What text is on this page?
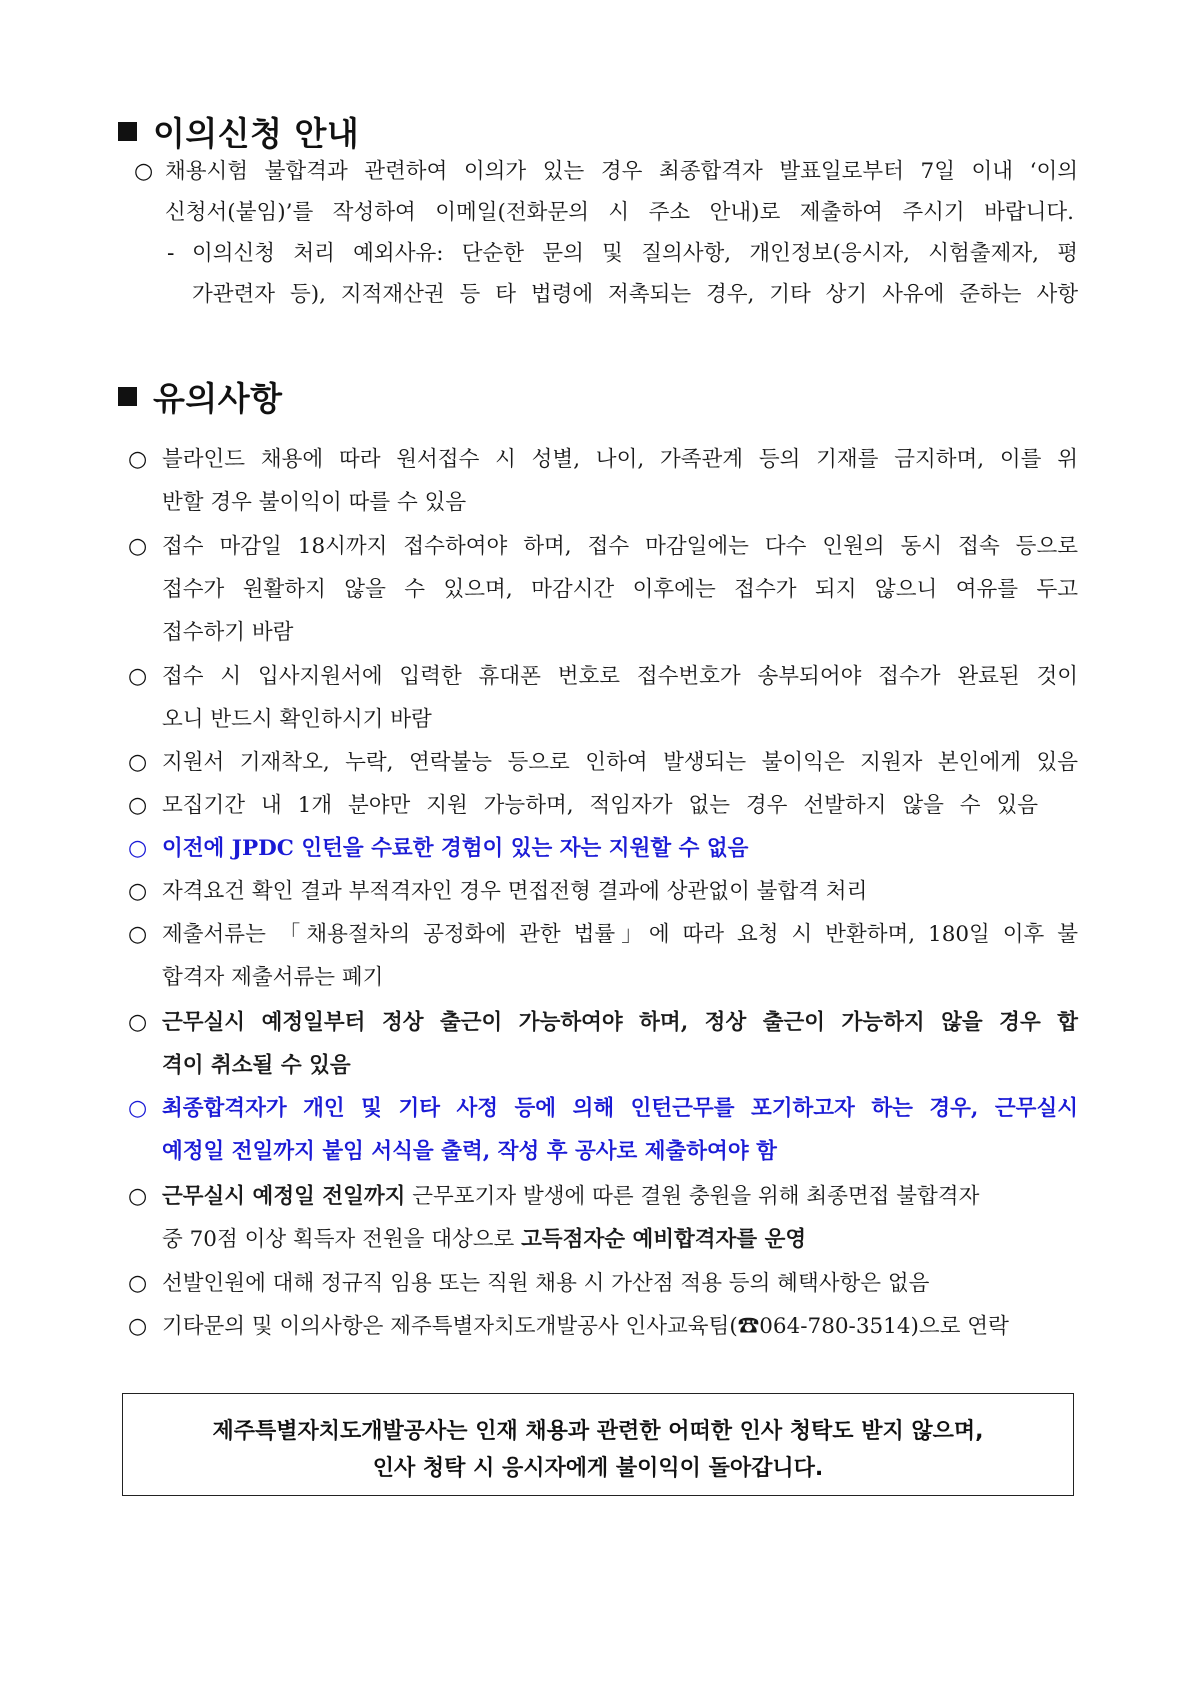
이의신청 안내
○ 채용시험 불합격과 관련하여 이의가 있는 경우 최종합격자 발표일로부터 7일 이내 ‘이의
신청서(붙임)’를 작성하여 이메일(전화문의 시 주소 안내)로 제출하여 주시기 바랍니다.
- 이의신청 처리 예외사유: 단순한 문의 및 질의사항, 개인정보(응시자, 시험출제자, 평
가관련자 등), 지적재산권 등 타 법령에 저촉되는 경우, 기타 상기 사유에 준하는 사항
유의사항
○ 블라인드 채용에 따라 원서접수 시 성별, 나이, 가족관계 등의 기재를 금지하며, 이를 위
반할 경우 불이익이 따를 수 있음
○ 접수 마감일 18시까지 접수하여야 하며, 접수 마감일에는 다수 인원의 동시 접속 등으로
접수가 원활하지 않을 수 있으며, 마감시간 이후에는 접수가 되지 않으니 여유를 두고
접수하기 바람
○ 접수 시 입사지원서에 입력한 휴대폰 번호로 접수번호가 송부되어야 접수가 완료된 것이
오니 반드시 확인하시기 바람
○ 지원서 기재착오, 누락, 연락불능 등으로 인하여 발생되는 불이익은 지원자 본인에게 있음
○ 모집기간 내 1개 분야만 지원 가능하며, 적임자가 없는 경우 선발하지 않을 수 있음
○ 이전에 JPDC 인턴을 수료한 경험이 있는 자는 지원할 수 없음
○ 자격요건 확인 결과 부적격자인 경우 면접전형 결과에 상관없이 불합격 처리
○ 제출서류는 「채용절차의 공정화에 관한 법률」에 따라 요청 시 반환하며, 180일 이후 불
합격자 제출서류는 폐기
○ 근무실시 예정일부터 정상 출근이 가능하여야 하며, 정상 출근이 가능하지 않을 경우 합
격이 취소될 수 있음
○ 최종합격자가 개인 및 기타 사정 등에 의해 인턴근무를 포기하고자 하는 경우, 근무실시
예정일 전일까지 붙임 서식을 출력, 작성 후 공사로 제출하여야 함
○ 근무실시 예정일 전일까지 근무포기자 발생에 따른 결원 충원을 위해 최종면접 불합격자
중 70점 이상 획득자 전원을 대상으로 고득점자순 예비합격자를 운영
○ 선발인원에 대해 정규직 임용 또는 직원 채용 시 가산점 적용 등의 혜택사항은 없음
○ 기타문의 및 이의사항은 제주특별자치도개발공사 인사교육팀(☎064-780-3514)으로 연락
제주특별자치도개발공사는 인재 채용과 관련한 어떠한 인사 청탁도 받지 않으며,
인사 청탁 시 응시자에게 불이익이 돌아갑니다.
